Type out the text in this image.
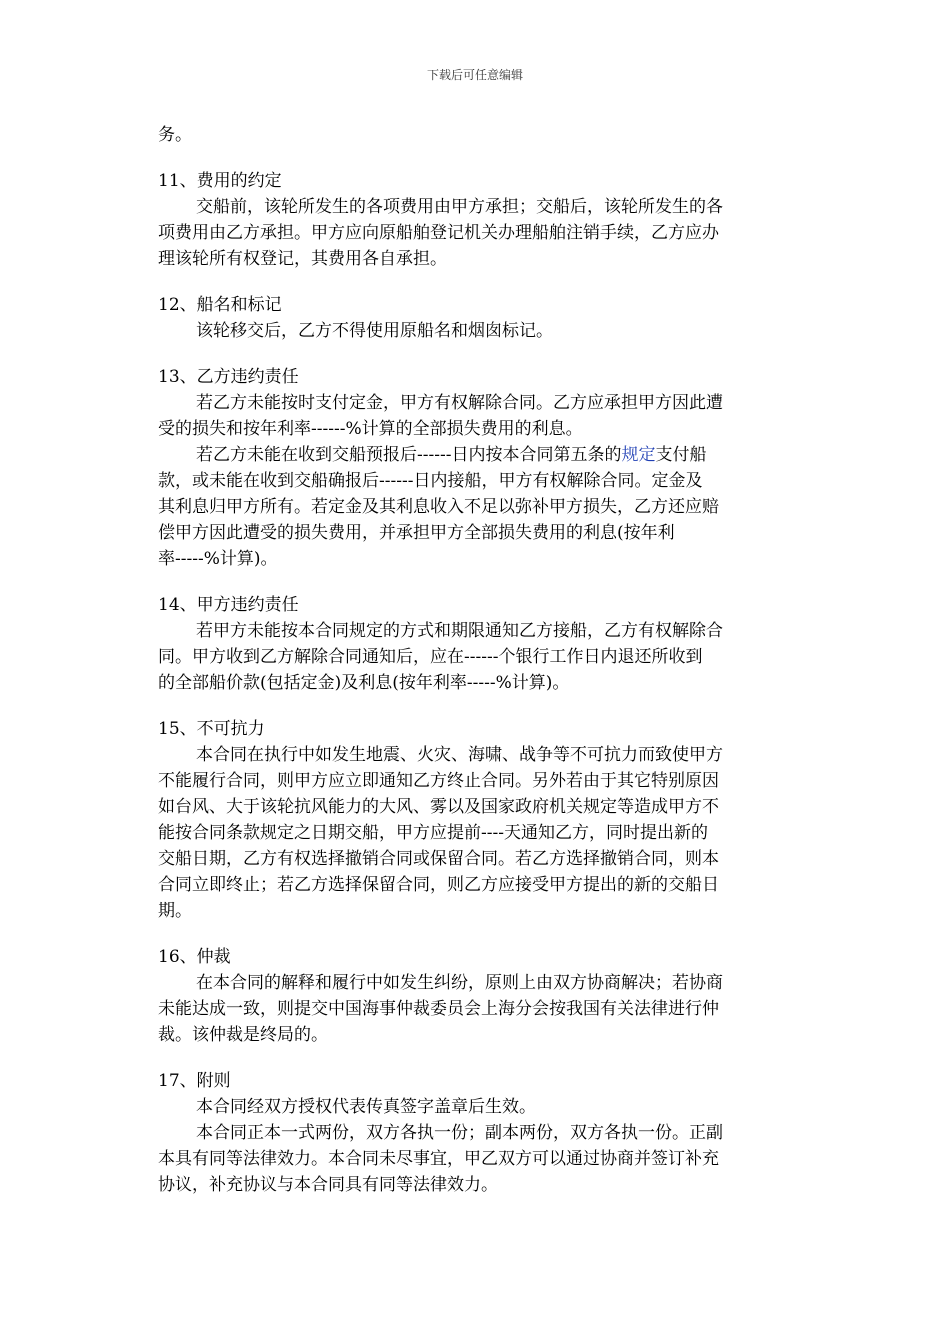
下载后可任意编辑
务。
11、费用的约定
交船前，该轮所发生的各项费用由甲方承担；交船后，该轮所发生的各
项费用由乙方承担。甲方应向原船舶登记机关办理船舶注销手续，乙方应办
理该轮所有权登记，其费用各自承担。
12、船名和标记
该轮移交后，乙方不得使用原船名和烟囱标记。
13、乙方违约责任
若乙方未能按时支付定金，甲方有权解除合同。乙方应承担甲方因此遭
受的损失和按年利率------%计算的全部损失费用的利息。
若乙方未能在收到交船预报后------日内按本合同第五条的规定支付船
款，或未能在收到交船确报后------日内接船，甲方有权解除合同。定金及
其利息归甲方所有。若定金及其利息收入不足以弥补甲方损失，乙方还应赔
偿甲方因此遭受的损失费用，并承担甲方全部损失费用的利息(按年利
率-----%计算)。
14、甲方违约责任
若甲方未能按本合同规定的方式和期限通知乙方接船，乙方有权解除合
同。甲方收到乙方解除合同通知后，应在------个银行工作日内退还所收到
的全部船价款(包括定金)及利息(按年利率-----%计算)。
15、不可抗力
本合同在执行中如发生地震、火灾、海啸、战争等不可抗力而致使甲方
不能履行合同，则甲方应立即通知乙方终止合同。另外若由于其它特别原因
如台风、大于该轮抗风能力的大风、雾以及国家政府机关规定等造成甲方不
能按合同条款规定之日期交船，甲方应提前----天通知乙方，同时提出新的
交船日期，乙方有权选择撤销合同或保留合同。若乙方选择撤销合同，则本
合同立即终止；若乙方选择保留合同，则乙方应接受甲方提出的新的交船日
期。
16、仲裁
在本合同的解释和履行中如发生纠纷，原则上由双方协商解决；若协商
未能达成一致，则提交中国海事仲裁委员会上海分会按我国有关法律进行仲
裁。该仲裁是终局的。
17、附则
本合同经双方授权代表传真签字盖章后生效。
本合同正本一式两份，双方各执一份；副本两份，双方各执一份。正副
本具有同等法律效力。本合同未尽事宜，甲乙双方可以通过协商并签订补充
协议，补充协议与本合同具有同等法律效力。
